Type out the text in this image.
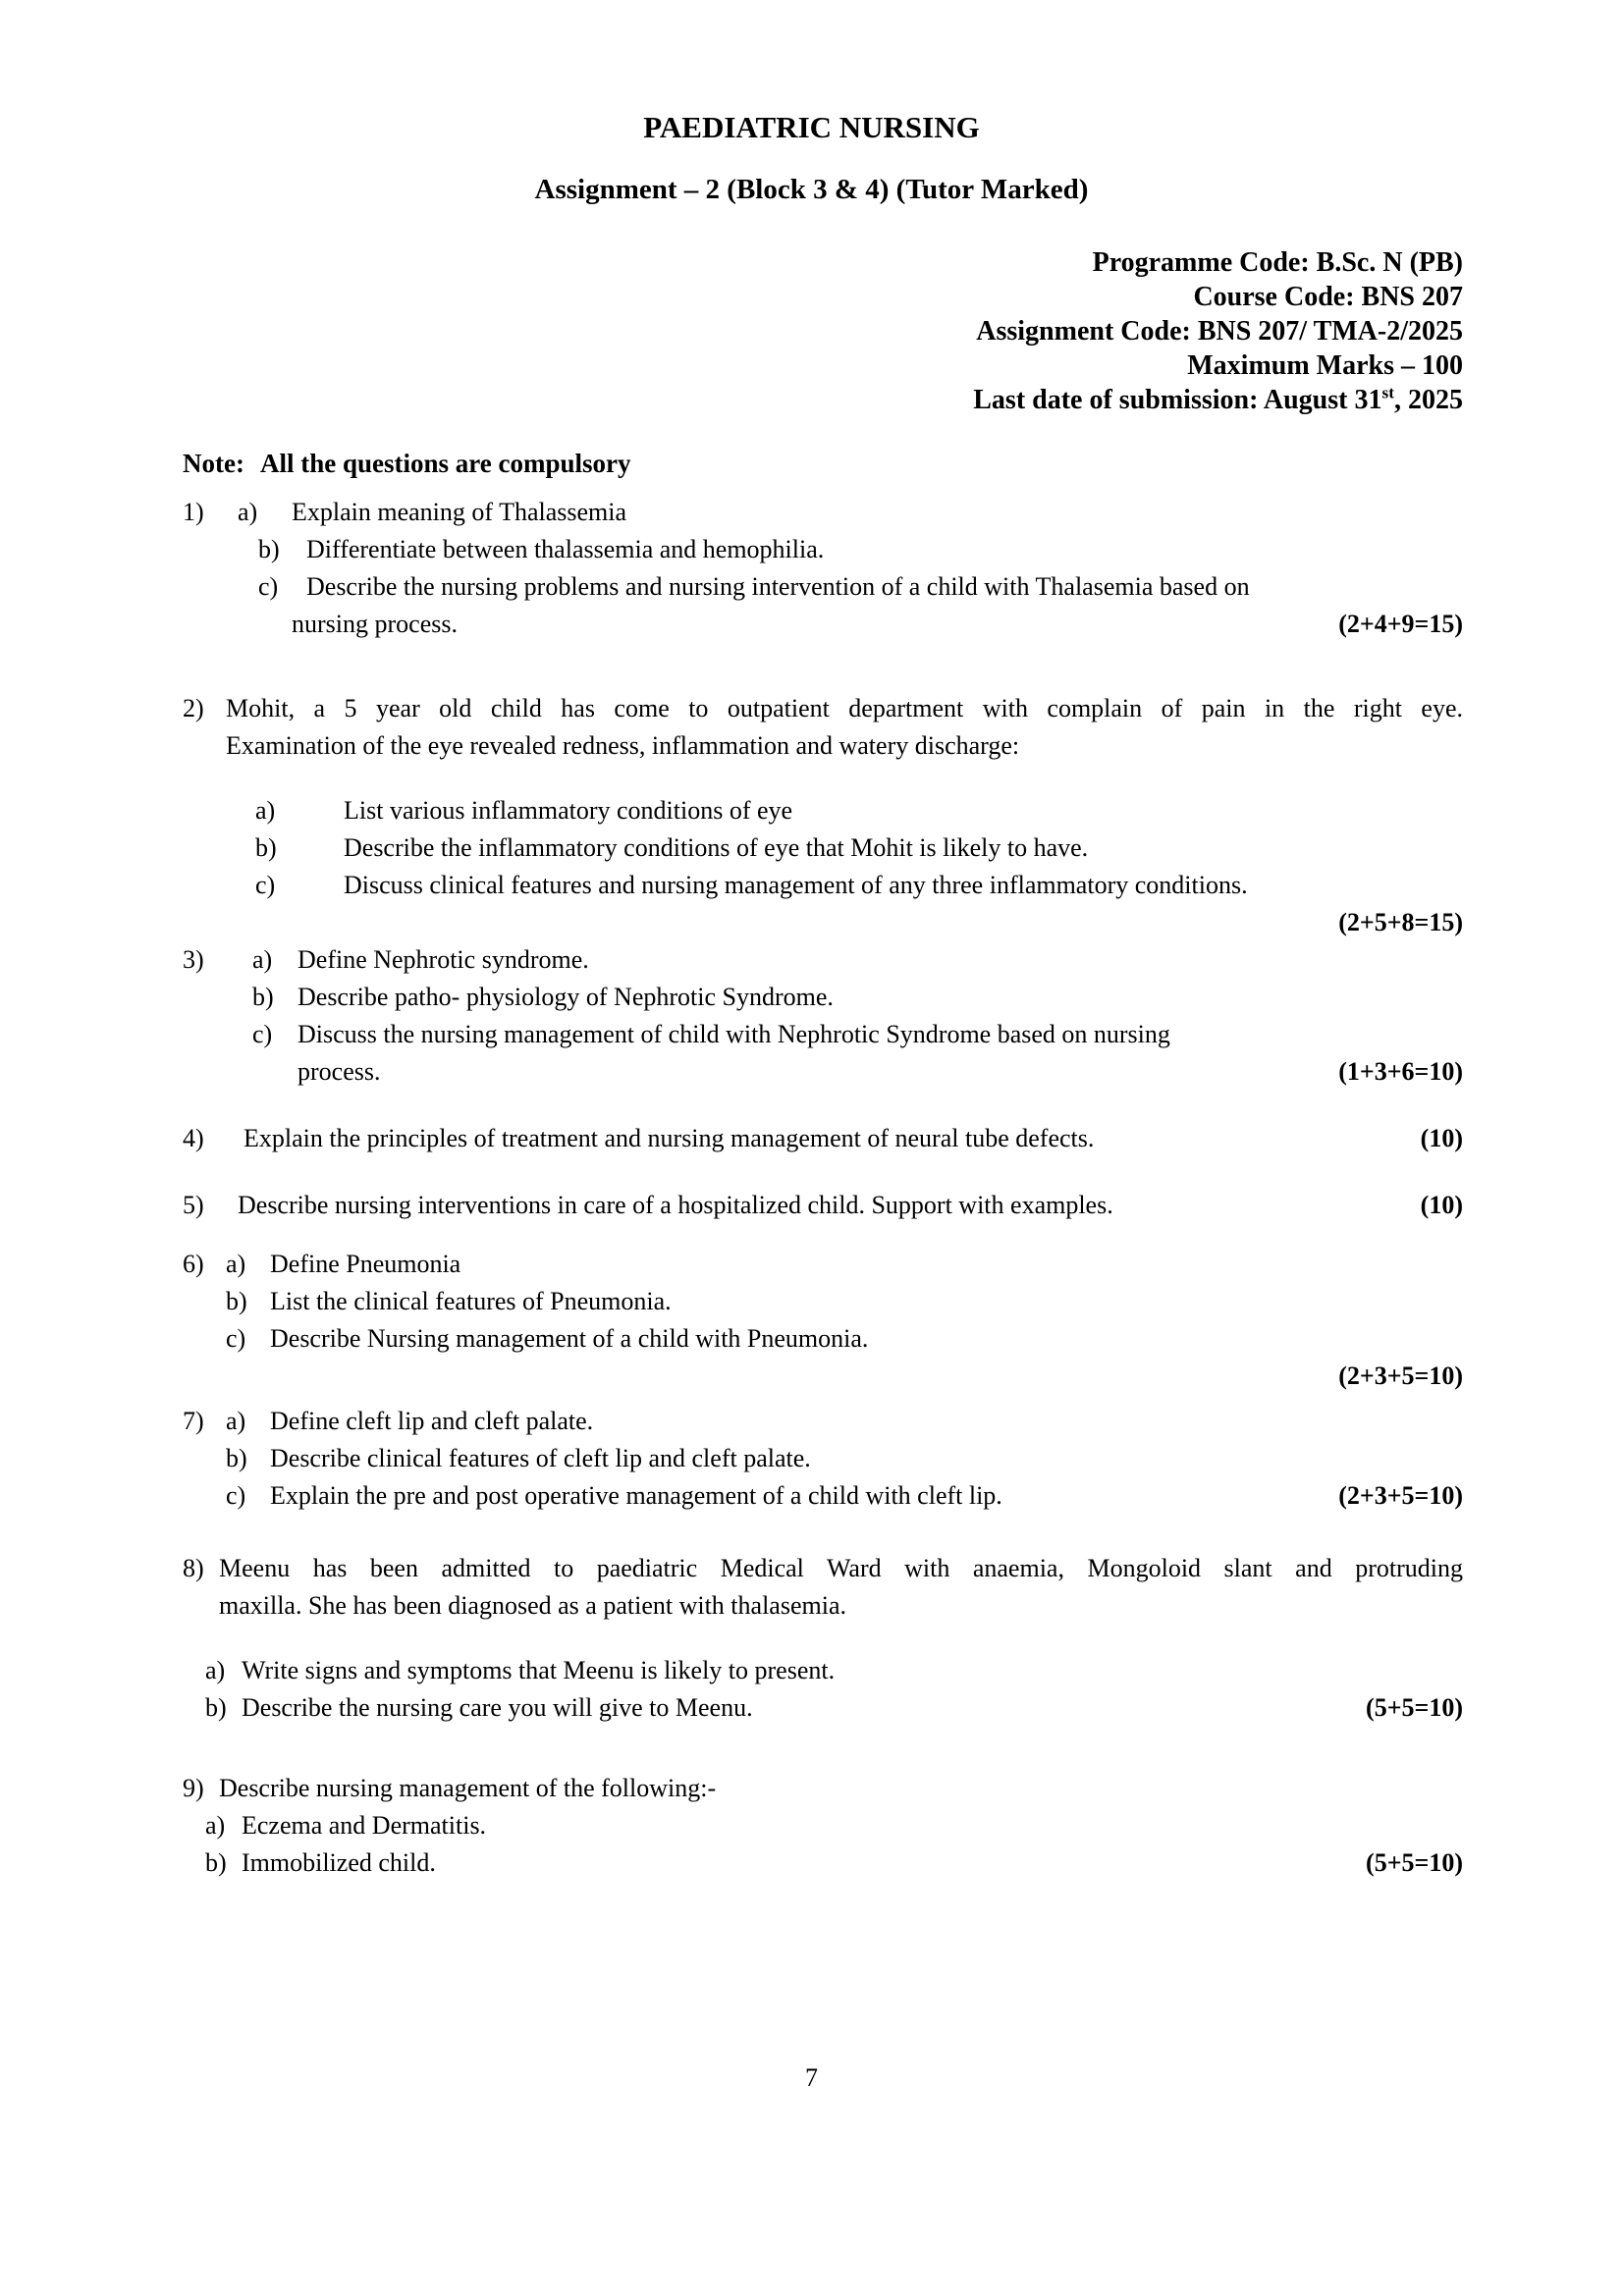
PAEDIATRIC NURSING
Assignment – 2 (Block 3 & 4) (Tutor Marked)
Programme Code: B.Sc. N (PB)
Course Code: BNS 207
Assignment Code: BNS 207/ TMA-2/2025
Maximum Marks – 100
Last date of submission: August 31st, 2025
Note: All the questions are compulsory
1)	a)	Explain meaning of Thalassemia
b)	Differentiate between thalassemia and hemophilia.
c)	Describe the nursing problems and nursing intervention of a child with Thalasemia based on
nursing process.	(2+4+9=15)
2) Mohit, a 5 year old child has come to outpatient department with complain of pain in the right eye.
Examination of the eye revealed redness, inflammation and watery discharge:
a)	List various inflammatory conditions of eye
b)	Describe the inflammatory conditions of eye that Mohit is likely to have.
c)	Discuss clinical features and nursing management of any three inflammatory conditions.
(2+5+8=15)
3)	a) Define Nephrotic syndrome.
b) Describe patho- physiology of Nephrotic Syndrome.
c) Discuss the nursing management of child with Nephrotic Syndrome based on nursing
process.	(1+3+6=10)
4)	Explain the principles of treatment and nursing management of neural tube defects.	(10)
5)	Describe nursing interventions in care of a hospitalized child. Support with examples.	(10)
6) a) Define Pneumonia
b) List the clinical features of Pneumonia.
c) Describe Nursing management of a child with Pneumonia.
(2+3+5=10)
7) a) Define cleft lip and cleft palate.
b) Describe clinical features of cleft lip and cleft palate.
c) Explain the pre and post operative management of a child with cleft lip.	(2+3+5=10)
8) Meenu has been admitted to paediatric Medical Ward with anaemia, Mongoloid slant and protruding
maxilla. She has been diagnosed as a patient with thalasemia.
a) Write signs and symptoms that Meenu is likely to present.
b) Describe the nursing care you will give to Meenu.	(5+5=10)
9) Describe nursing management of the following:-
a) Eczema and Dermatitis.
b) Immobilized child.	(5+5=10)
7
